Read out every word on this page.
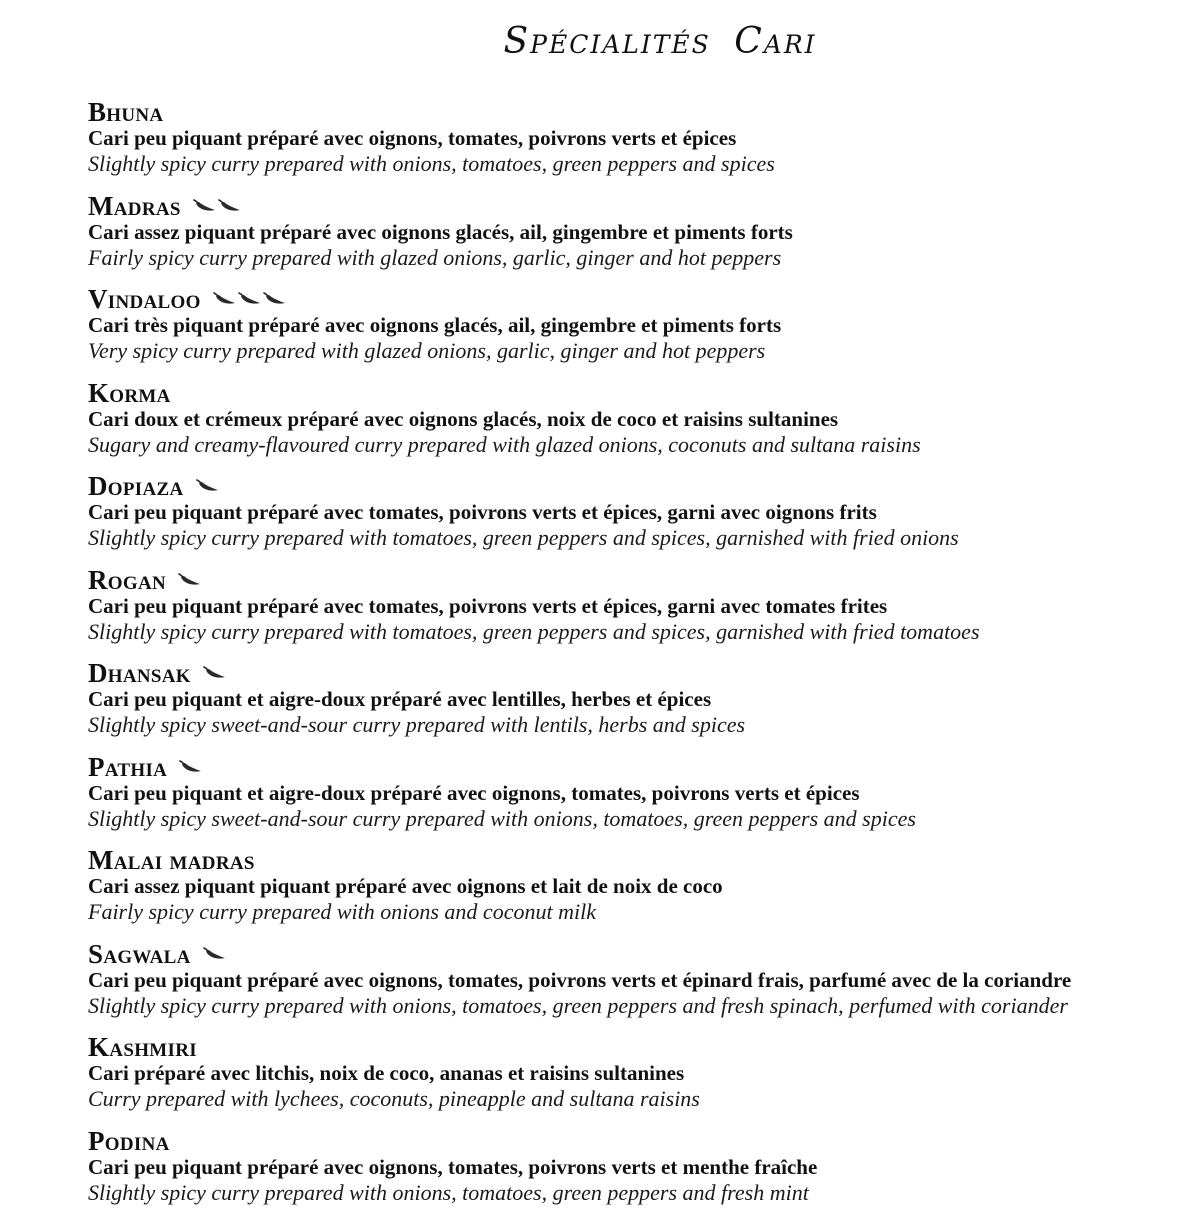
Spécialités Cari
Bhuna
Cari peu piquant préparé avec oignons, tomates, poivrons verts et épices
Slightly spicy curry prepared with onions, tomatoes, green peppers and spices
Madras
Cari assez piquant préparé avec oignons glacés, ail, gingembre et piments forts
Fairly spicy curry prepared with glazed onions, garlic, ginger and hot peppers
Vindaloo
Cari très piquant préparé avec oignons glacés, ail, gingembre et piments forts
Very spicy curry prepared with glazed onions, garlic, ginger and hot peppers
Korma
Cari doux et crémeux préparé avec oignons glacés, noix de coco et raisins sultanines
Sugary and creamy-flavoured curry prepared with glazed onions, coconuts and sultana raisins
Dopiaza
Cari peu piquant préparé avec tomates, poivrons verts et épices, garni avec oignons frits
Slightly spicy curry prepared with tomatoes, green peppers and spices, garnished with fried onions
Rogan
Cari peu piquant préparé avec tomates, poivrons verts et épices, garni avec tomates frites
Slightly spicy curry prepared with tomatoes, green peppers and spices, garnished with fried tomatoes
Dhansak
Cari peu piquant et aigre-doux préparé avec lentilles, herbes et épices
Slightly spicy sweet-and-sour curry prepared with lentils, herbs and spices
Pathia
Cari peu piquant et aigre-doux préparé avec oignons, tomates, poivrons verts et épices
Slightly spicy sweet-and-sour curry prepared with onions, tomatoes, green peppers and spices
Malai madras
Cari assez piquant piquant préparé avec oignons et lait de noix de coco
Fairly spicy curry prepared with onions and coconut milk
Sagwala
Cari peu piquant préparé avec oignons, tomates, poivrons verts et épinard frais, parfumé avec de la coriandre
Slightly spicy curry prepared with onions, tomatoes, green peppers and fresh spinach, perfumed with coriander
Kashmiri
Cari préparé avec litchis, noix de coco, ananas et raisins sultanines
Curry prepared with lychees, coconuts, pineapple and sultana raisins
Podina
Cari peu piquant préparé avec oignons, tomates, poivrons verts et menthe fraîche
Slightly spicy curry prepared with onions, tomatoes, green peppers and fresh mint
